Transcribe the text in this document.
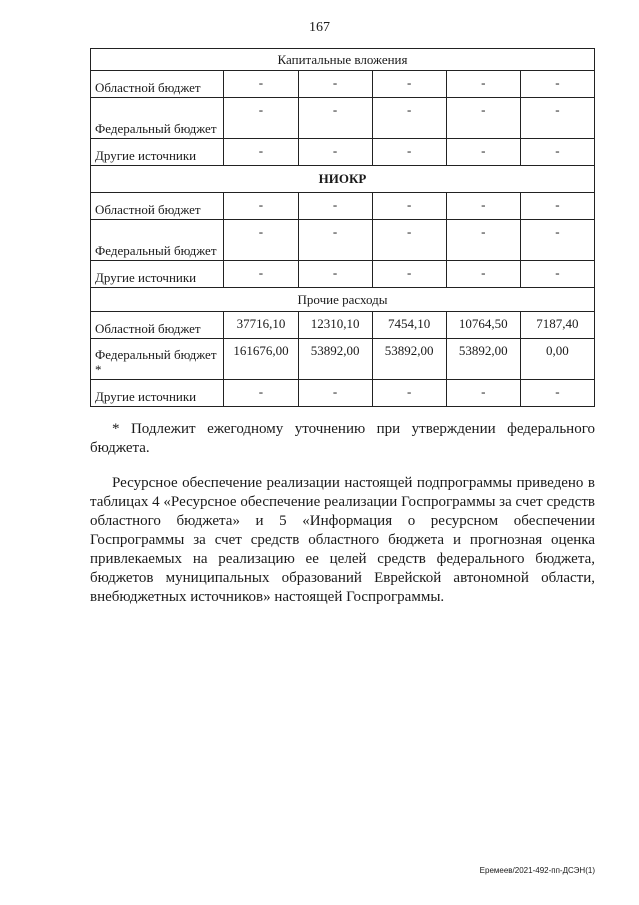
167
Капитальные вложения					
Областной бюджет	-	-	-	-	-
Федеральный бюджет	-	-	-	-	-
Другие источники	-	-	-	-	-
НИОКР					
Областной бюджет	-	-	-	-	-
Федеральный бюджет	-	-	-	-	-
Другие источники	-	-	-	-	-
Прочие расходы					
Областной бюджет	37716,10	12310,10	7454,10	10764,50	7187,40
Федеральный бюджет *	161676,00	53892,00	53892,00	53892,00	0,00
Другие источники	-	-	-	-	-

* Подлежит ежегодному уточнению при утверждении федерального бюджета.

Ресурсное обеспечение реализации настоящей подпрограммы приведено в таблицах 4 «Ресурсное обеспечение реализации Госпрограммы за счет средств областного бюджета» и 5 «Информация о ресурсном обеспечении Госпрограммы за счет средств областного бюджета и прогнозная оценка привлекаемых на реализацию ее целей средств федерального бюджета, бюджетов муниципальных образований Еврейской автономной области, внебюджетных источников» настоящей Госпрограммы.

Еремеев/2021-492-пп-ДСЭН(1)
